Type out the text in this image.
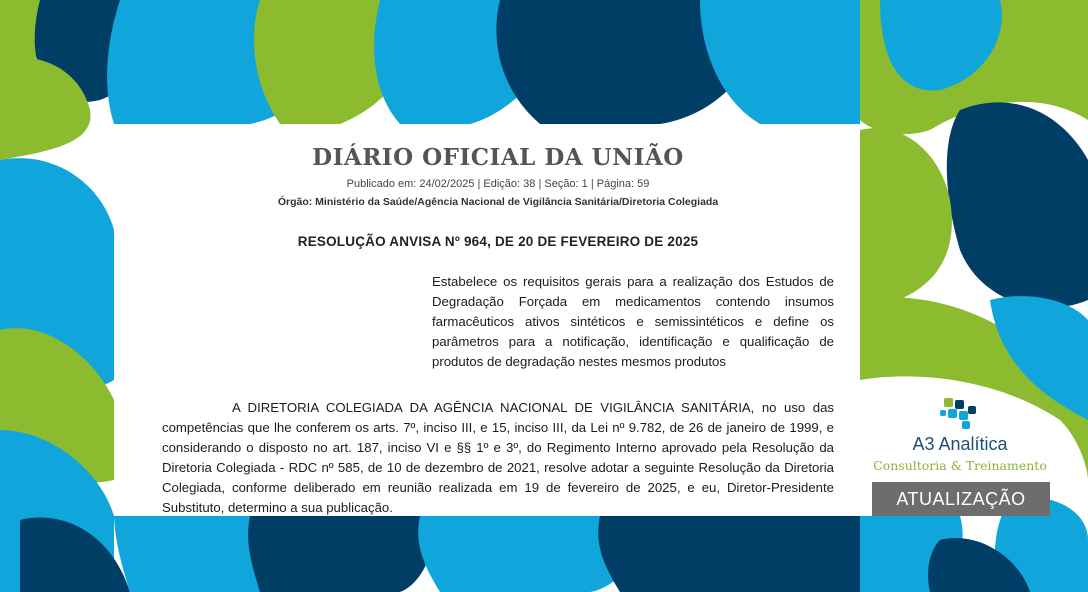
DIÁRIO OFICIAL DA UNIÃO
Publicado em: 24/02/2025 | Edição: 38 | Seção: 1 | Página: 59
Órgão: Ministério da Saúde/Agência Nacional de Vigilância Sanitária/Diretoria Colegiada
RESOLUÇÃO ANVISA Nº 964, DE 20 DE FEVEREIRO DE 2025
Estabelece os requisitos gerais para a realização dos Estudos de Degradação Forçada em medicamentos contendo insumos farmacêuticos ativos sintéticos e semissintéticos e define os parâmetros para a notificação, identificação e qualificação de produtos de degradação nestes mesmos produtos
A DIRETORIA COLEGIADA DA AGÊNCIA NACIONAL DE VIGILÂNCIA SANITÁRIA, no uso das competências que lhe conferem os arts. 7º, inciso III, e 15, inciso III, da Lei nº 9.782, de 26 de janeiro de 1999, e considerando o disposto no art. 187, inciso VI e §§ 1º e 3º, do Regimento Interno aprovado pela Resolução da Diretoria Colegiada - RDC nº 585, de 10 de dezembro de 2021, resolve adotar a seguinte Resolução da Diretoria Colegiada, conforme deliberado em reunião realizada em 19 de fevereiro de 2025, e eu, Diretor-Presidente Substituto, determino a sua publicação.
A3 Analítica
Consultoria & Treinamento
ATUALIZAÇÃO
